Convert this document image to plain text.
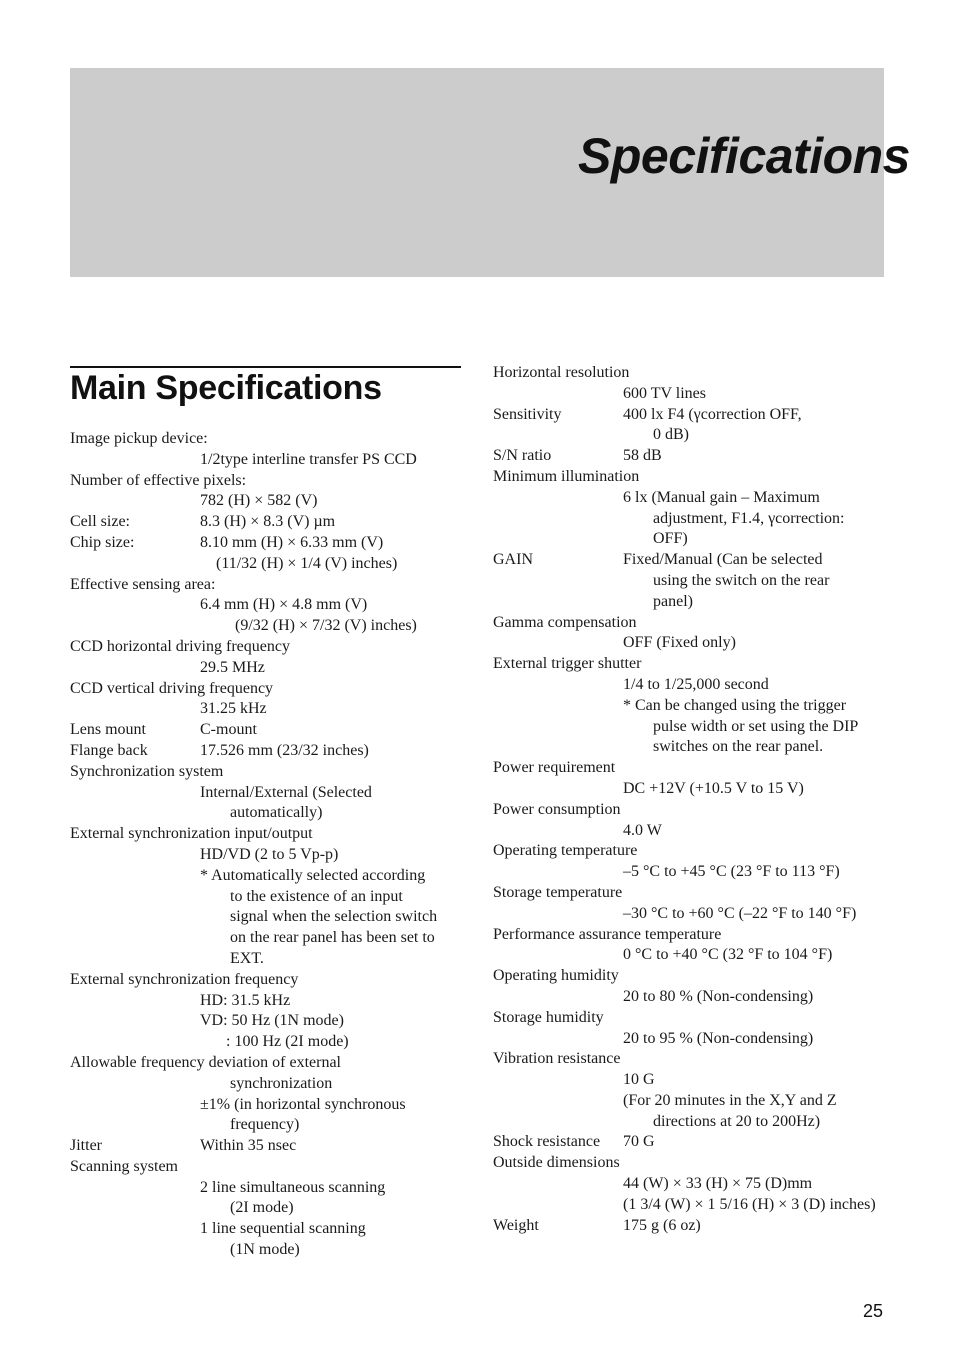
Specifications
Main Specifications
Image pickup device:
1/2type interline transfer PS CCD
Number of effective pixels:
782 (H) × 582 (V)
Cell size:	8.3 (H) × 8.3 (V) µm
Chip size:	8.10 mm (H) × 6.33 mm (V)
(11/32 (H) × 1/4 (V) inches)
Effective sensing area:
6.4 mm (H) × 4.8 mm (V)
(9/32 (H) × 7/32 (V) inches)
CCD horizontal driving frequency
29.5 MHz
CCD vertical driving frequency
31.25 kHz
Lens mount	C-mount
Flange back	17.526 mm (23/32 inches)
Synchronization system
Internal/External (Selected
automatically)
External synchronization input/output
HD/VD (2 to 5 Vp-p)
* Automatically selected according
to the existence of an input
signal when the selection switch
on the rear panel has been set to
EXT.
External synchronization frequency
HD: 31.5 kHz
VD: 50 Hz (1N mode)
: 100 Hz (2I mode)
Allowable frequency deviation of external
synchronization
±1% (in horizontal synchronous
frequency)
Jitter	Within 35 nsec
Scanning system
2 line simultaneous scanning
(2I mode)
1 line sequential scanning
(1N mode)
Horizontal resolution
600 TV lines
Sensitivity	400 lx F4 (γcorrection OFF,
0 dB)
S/N ratio	58 dB
Minimum illumination
6 lx (Manual gain – Maximum
adjustment, F1.4, γcorrection:
OFF)
GAIN	Fixed/Manual (Can be selected
using the switch on the rear
panel)
Gamma compensation
OFF (Fixed only)
External trigger shutter
1/4 to 1/25,000 second
* Can be changed using the trigger
pulse width or set using the DIP
switches on the rear panel.
Power requirement
DC +12V (+10.5 V to 15 V)
Power consumption
4.0 W
Operating temperature
–5 °C to +45 °C (23 °F to 113 °F)
Storage temperature
–30 °C to +60 °C (–22 °F to 140 °F)
Performance assurance temperature
0 °C to +40 °C (32 °F to 104 °F)
Operating humidity
20 to 80 % (Non-condensing)
Storage humidity
20 to 95 % (Non-condensing)
Vibration resistance
10 G
(For 20 minutes in the X,Y and Z
directions at 20 to 200Hz)
Shock resistance 70 G
Outside dimensions
44 (W) × 33 (H) × 75 (D)mm
(1 3/4 (W) × 1 5/16 (H) × 3 (D) inches)
Weight	175 g (6 oz)
25
